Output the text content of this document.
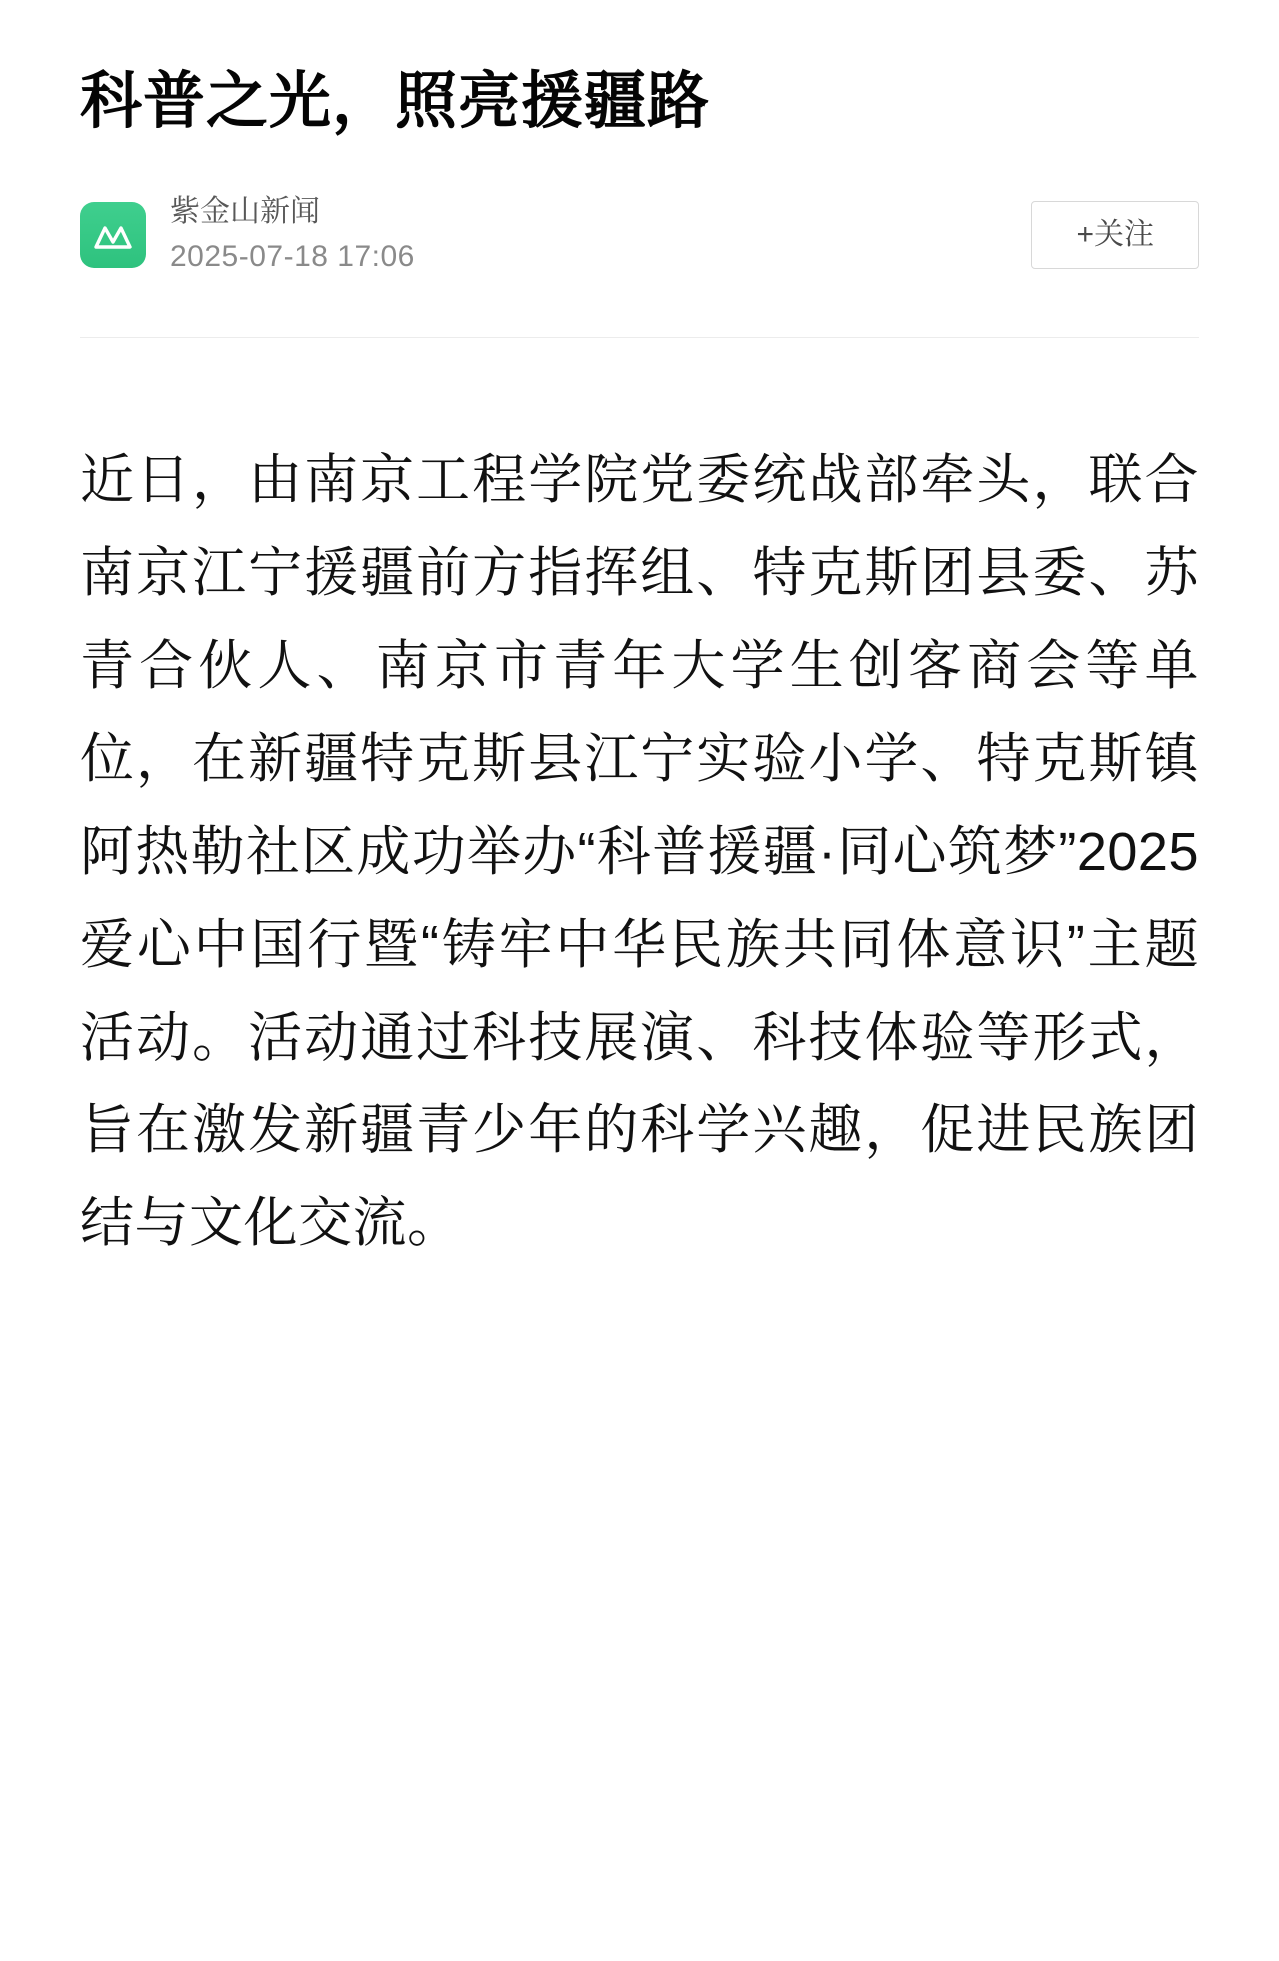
科普之光，照亮援疆路
紫金山新闻
2025-07-18 17:06
+关注

近日，由南京工程学院党委统战部牵头，联合南京江宁援疆前方指挥组、特克斯团县委、苏青合伙人、南京市青年大学生创客商会等单位，在新疆特克斯县江宁实验小学、特克斯镇阿热勒社区成功举办“科普援疆·同心筑梦”2025爱心中国行暨“铸牢中华民族共同体意识”主题活动。活动通过科技展演、科技体验等形式，旨在激发新疆青少年的科学兴趣，促进民族团结与文化交流。
